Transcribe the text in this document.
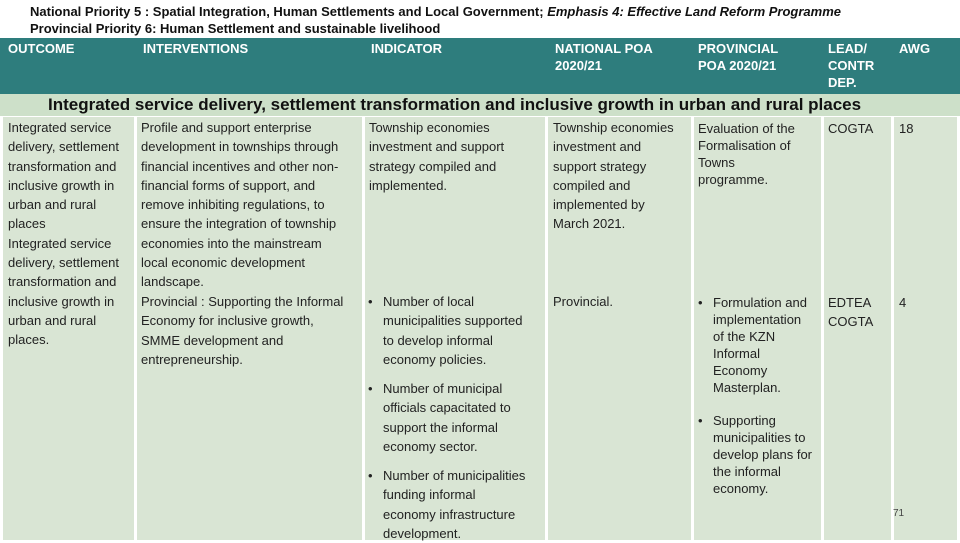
National Priority 5 : Spatial Integration, Human Settlements and Local Government; Emphasis 4: Effective Land Reform Programme
Provincial Priority 6: Human Settlement and sustainable livelihood
OUTCOME	INTERVENTIONS	INDICATOR	NATIONAL POA
2020/21
PROVINCIAL
POA 2020/21
LEAD/
CONTR
DEP.
AWG
Integrated service delivery, settlement transformation and inclusive growth in urban and rural places
Integrated service
delivery, settlement
transformation and
inclusive growth in
urban and rural
places
Integrated service
delivery, settlement
transformation and
inclusive growth in
urban and rural
places.
Profile and support enterprise
development in townships through
financial incentives and other non-
financial forms of support, and
remove inhibiting regulations, to
ensure the integration of township
economies into the mainstream
local economic development
landscape.
Township economies
investment and support
strategy compiled and
implemented.
Township economies
investment and
support strategy
compiled and
implemented by
March 2021.
Evaluation of the
Formalisation of
Towns
programme.
COGTA 18
Provincial : Supporting the Informal
Economy for inclusive growth,
SMME development and
entrepreneurship.
• Number of local
municipalities supported
to develop informal
economy policies.
• Number of municipal
officials capacitated to
support the informal
economy sector.
• Number of municipalities
funding informal
economy infrastructure
development.
Provincial.
•	Formulation and
implementation
of the KZN
Informal
Economy
Masterplan.
• Supporting
municipalities to
develop plans for
the informal
economy.
EDTEA
COGTA
4
71
